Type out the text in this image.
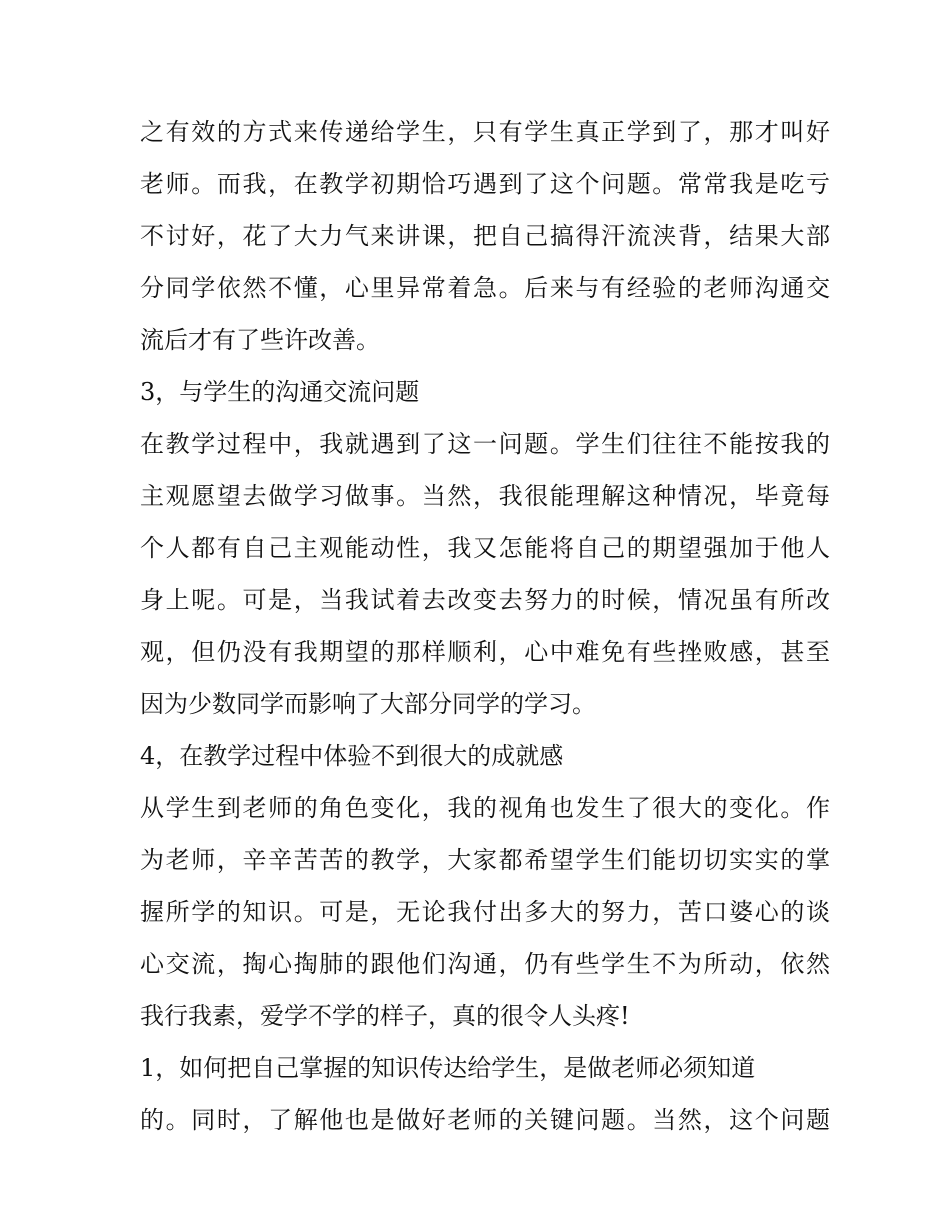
之有效的方式来传递给学生，只有学生真正学到了，那才叫好
老师。而我，在教学初期恰巧遇到了这个问题。常常我是吃亏
不讨好，花了大力气来讲课，把自己搞得汗流浃背，结果大部
分同学依然不懂，心里异常着急。后来与有经验的老师沟通交
流后才有了些许改善。
3，与学生的沟通交流问题
在教学过程中，我就遇到了这一问题。学生们往往不能按我的
主观愿望去做学习做事。当然，我很能理解这种情况，毕竟每
个人都有自己主观能动性，我又怎能将自己的期望强加于他人
身上呢。可是，当我试着去改变去努力的时候，情况虽有所改
观，但仍没有我期望的那样顺利，心中难免有些挫败感，甚至
因为少数同学而影响了大部分同学的学习。
4，在教学过程中体验不到很大的成就感
从学生到老师的角色变化，我的视角也发生了很大的变化。作
为老师，辛辛苦苦的教学，大家都希望学生们能切切实实的掌
握所学的知识。可是，无论我付出多大的努力，苦口婆心的谈
心交流，掏心掏肺的跟他们沟通，仍有些学生不为所动，依然
我行我素，爱学不学的样子，真的很令人头疼!
1，如何把自己掌握的知识传达给学生，是做老师必须知道
的。同时，了解他也是做好老师的关键问题。当然，这个问题
